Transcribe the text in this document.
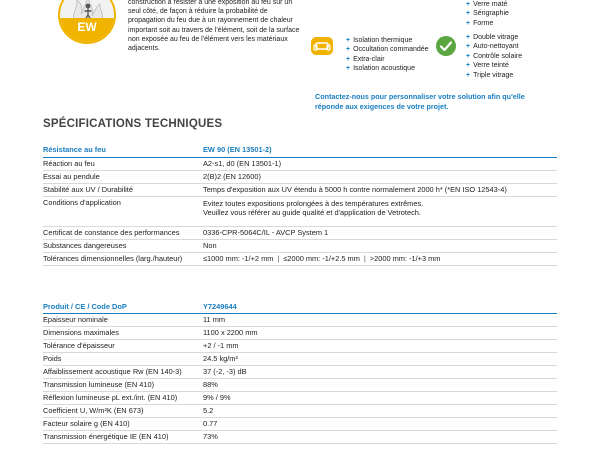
EW
construction à résister à une exposition au feu sur un seul côté, de façon à réduire la probabilité de propagation du feu due à un rayonnement de chaleur important soit au travers de l'élément, soit de la surface non exposée au feu de l'élément vers les matériaux adjacents.
+ Verre maté
+ Sérigraphie
+ Forme
+ Isolation thermique
+ Occultation commandée
+ Extra-clair
+ Isolation acoustique
+ Double vitrage
+ Auto-nettoyant
+ Contrôle solaire
+ Verre teinté
+ Triple vitrage
Contactez-nous pour personnaliser votre solution afin qu'elle réponde aux exigences de votre projet.
SPÉCIFICATIONS TECHNIQUES
Résistance au feu	EW 90 (EN 13501-2)
Réaction au feu	A2-s1, d0 (EN 13501-1)
Essai au pendule	2(B)2 (EN 12600)
Stabilité aux UV / Durabilité	Temps d'exposition aux UV étendu à 5000 h contre normalement 2000 h* (*EN ISO 12543-4)
Conditions d'application	Evitez toutes expositions prolongées à des températures extrêmes.
Veuillez vous référer au guide qualité et d'application de Vetrotech.

Certificat de constance des performances	0336-CPR-5064C/IL - AVCP System 1
Substances dangereuses	Non
Tolérances dimensionnelles (larg./hauteur)	≤1000 mm: -1/+2 mm | ≤2000 mm: -1/+2.5 mm | >2000 mm: -1/+3 mm
Produit / CE / Code DoP	Y7249644
Epaisseur nominale	11 mm
Dimensions maximales	1100 x 2200 mm
Tolérance d'épaisseur	+2 / -1 mm
Poids	24.5 kg/m²
Affaiblissement acoustique Rw (EN 140-3)	37 (-2, -3) dB
Transmission lumineuse (EN 410)	88%
Réflexion lumineuse ρL ext./int. (EN 410)	9% / 9%
Coefficient U, W/m²K (EN 673)	5.2
Facteur solaire g (EN 410)	0.77
Transmission énergétique IE (EN 410)	73%
